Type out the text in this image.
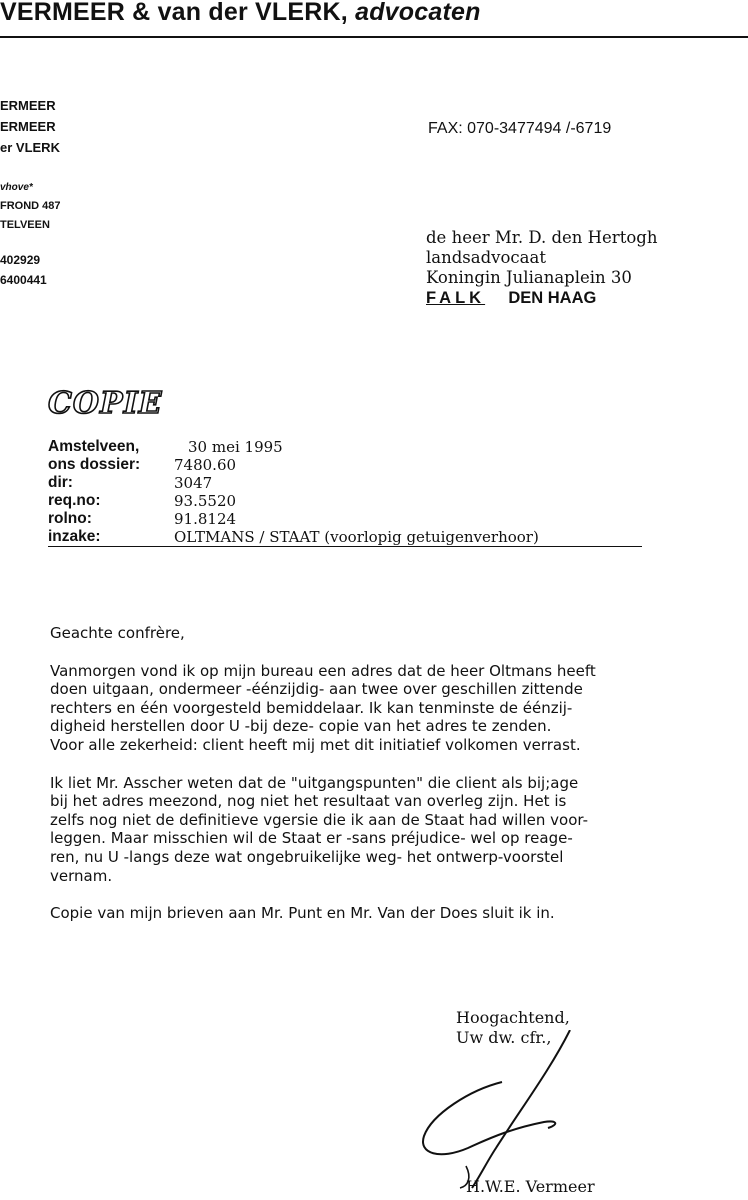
VERMEER & van der VLERK, advocaten
ERMEER
ERMEER
er VLERK
vhove*
FROND 487
TELVEEN
402929
6400441
FAX: 070-3477494 /-6719
de heer Mr. D. den Hertogh
landsadvocaat
Koningin Julianaplein 30
FALK DEN HAAG
COPIE
Amstelveen,	30 mei 1995
ons dossier:	7480.60
dir:	3047
req.no:	93.5520
rolno:	91.8124
inzake:	OLTMANS / STAAT (voorlopig getuigenverhoor)

Geachte confrère,

Vanmorgen vond ik op mijn bureau een adres dat de heer Oltmans heeft

doen uitgaan, ondermeer -éénzijdig- aan twee over geschillen zittende

rechters en één voorgesteld bemiddelaar. Ik kan tenminste de éénzij-

digheid herstellen door U -bij deze- copie van het adres te zenden.

Voor alle zekerheid: client heeft mij met dit initiatief volkomen verrast.

Ik liet Mr. Asscher weten dat de "uitgangspunten" die client als bij;age

bij het adres meezond, nog niet het resultaat van overleg zijn. Het is

zelfs nog niet de definitieve vgersie die ik aan de Staat had willen voor-

leggen. Maar misschien wil de Staat er -sans préjudice- wel op reage-

ren, nu U -langs deze wat ongebruikelijke weg- het ontwerp-voorstel

vernam.

Copie van mijn brieven aan Mr. Punt en Mr. Van der Does sluit ik in.

Hoogachtend,
Uw dw. cfr.,
H.W.E. Vermeer
